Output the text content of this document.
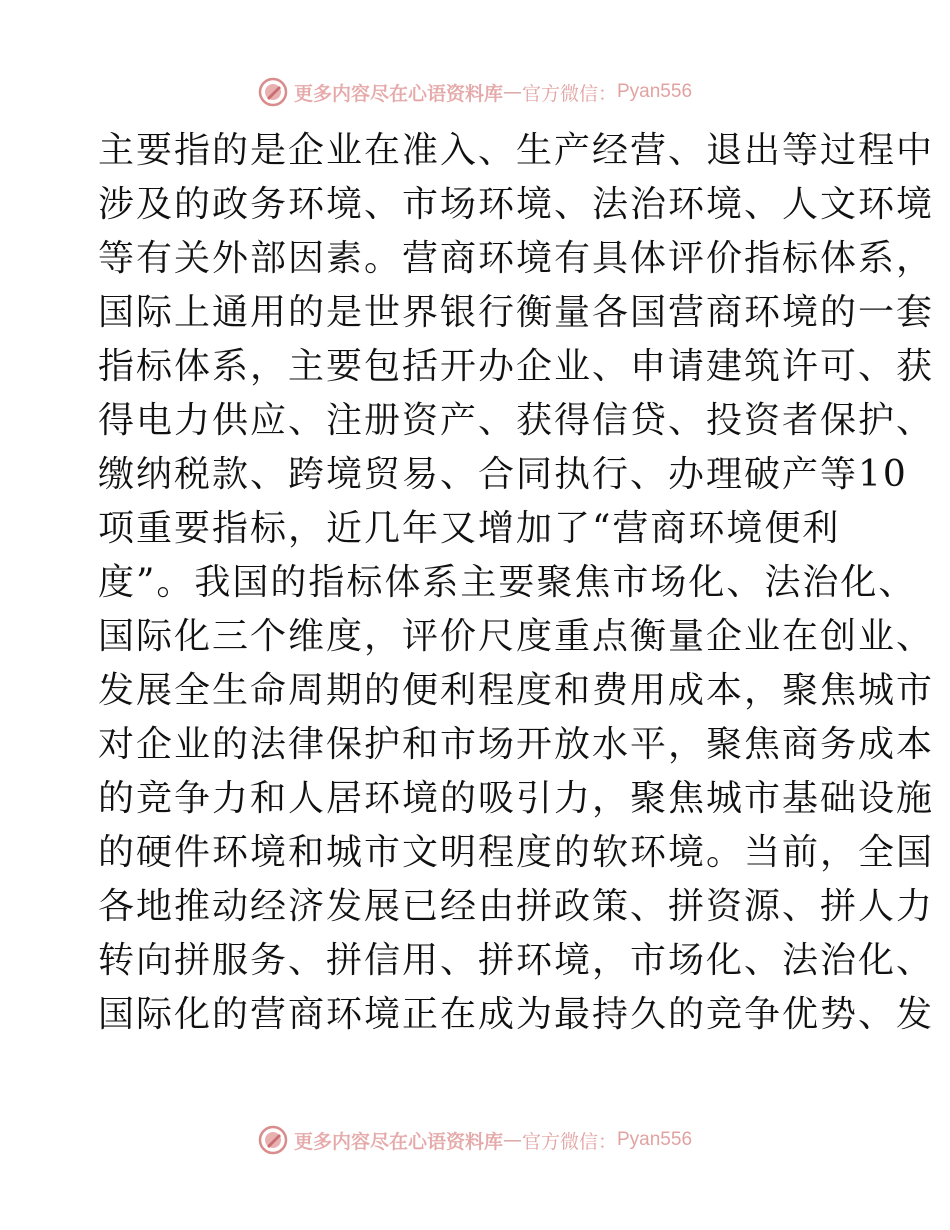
更多内容尽在心语资料库 — 官方微信： Pyan556
主要指的是企业在准入、生产经营、退出等过程中
涉及的政务环境、市场环境、法治环境、人文环境
等有关外部因素。营商环境有具体评价指标体系，
国际上通用的是世界银行衡量各国营商环境的一套
指标体系，主要包括开办企业、申请建筑许可、获
得电力供应、注册资产、获得信贷、投资者保护、
缴纳税款、跨境贸易、合同执行、办理破产等10
项重要指标，近几年又增加了“营商环境便利
度”。我国的指标体系主要聚焦市场化、法治化、
国际化三个维度，评价尺度重点衡量企业在创业、
发展全生命周期的便利程度和费用成本，聚焦城市
对企业的法律保护和市场开放水平，聚焦商务成本
的竞争力和人居环境的吸引力，聚焦城市基础设施
的硬件环境和城市文明程度的软环境。当前，全国
各地推动经济发展已经由拼政策、拼资源、拼人力
转向拼服务、拼信用、拼环境，市场化、法治化、
国际化的营商环境正在成为最持久的竞争优势、发
更多内容尽在心语资料库 — 官方微信： Pyan556
